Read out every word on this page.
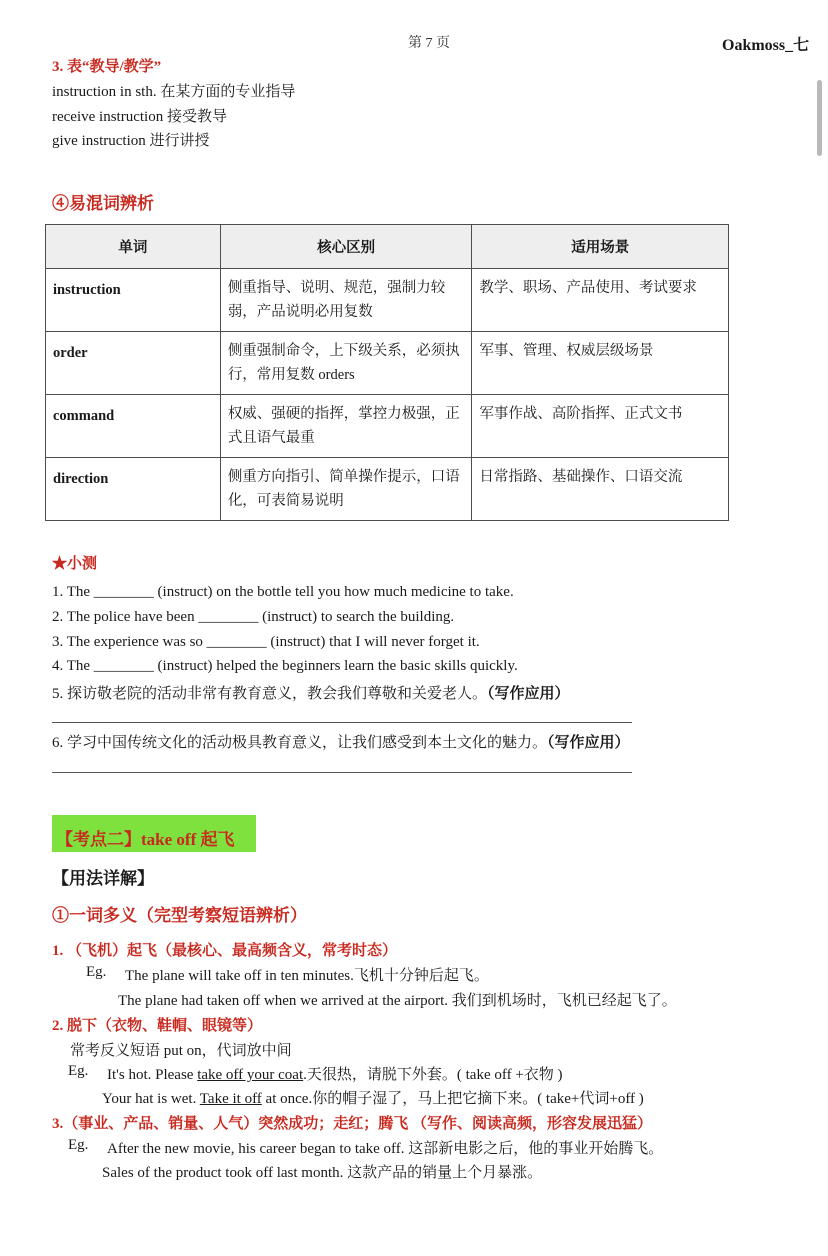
第 7 页	Oakmoss_七
3. 表“教导/教学”
instruction in sth. 在某方面的专业指导
receive instruction 接受教导
give instruction 进行讲授
④易混词辨析
单词	核心区别	适用场景
instruction	侧重指导、说明、规范，强制力较弱，产品说明必用复数	教学、职场、产品使用、考试要求
order	侧重强制命令，上下级关系，必须执行，常用复数 orders	军事、管理、权威层级场景
command	权威、强硬的指挥，掌控力极强，正式且语气最重	军事作战、高阶指挥、正式文书
direction	侧重方向指引、简单操作提示，口语化，可表简易说明	日常指路、基础操作、口语交流
★小测
1. The ________ (instruct) on the bottle tell you how much medicine to take.
2. The police have been ________ (instruct) to search the building.
3. The experience was so ________ (instruct) that I will never forget it.
4. The ________ (instruct) helped the beginners learn the basic skills quickly.
5. 探访敬老院的活动非常有教育意义，教会我们尊敬和关爱老人。（写作应用）
6. 学习中国传统文化的活动极具教育意义，让我们感受到本土文化的魅力。（写作应用）
【考点二】take off 起飞
【用法详解】
①一词多义（完型考察短语辨析）
1. （飞机）起飞（最核心、最高频含义，常考时态）
Eg. The plane will take off in ten minutes.飞机十分钟后起飞。
The plane had taken off when we arrived at the airport. 我们到机场时，飞机已经起飞了。
2. 脱下（衣物、鞋帽、眼镜等）
常考反义短语 put on，代词放中间
Eg. It's hot. Please take off your coat.天很热，请脱下外套。( take off +衣物 )
Your hat is wet. Take it off at once.你的帽子湿了，马上把它摘下来。( take+代词+off )
3.（事业、产品、销量、人气）突然成功；走红；腾飞 （写作、阅读高频，形容发展迅猛）
Eg. After the new movie, his career began to take off. 这部新电影之后，他的事业开始腾飞。
Sales of the product took off last month. 这款产品的销量上个月暴涨。
